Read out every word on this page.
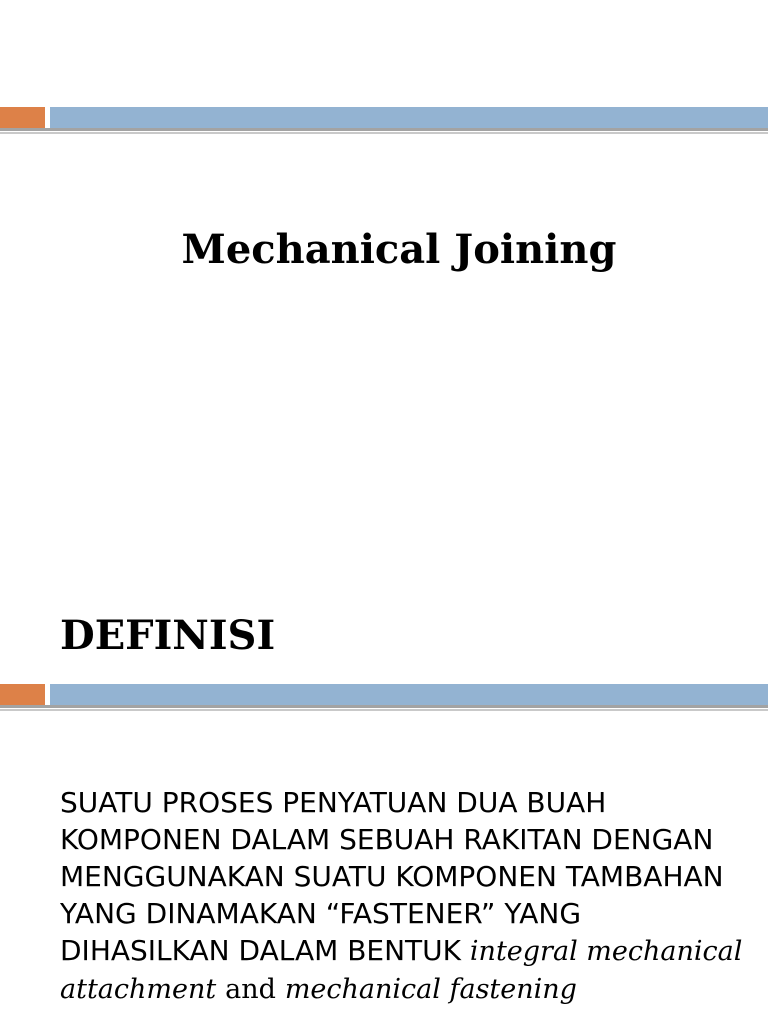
Mechanical Joining
DEFINISI

SUATU PROSES PENYATUAN DUA BUAH KOMPONEN DALAM SEBUAH RAKITAN DENGAN MENGGUNAKAN SUATU KOMPONEN TAMBAHAN YANG DINAMAKAN “FASTENER” YANG DIHASILKAN DALAM BENTUK integral mechanical attachment and mechanical fastening
